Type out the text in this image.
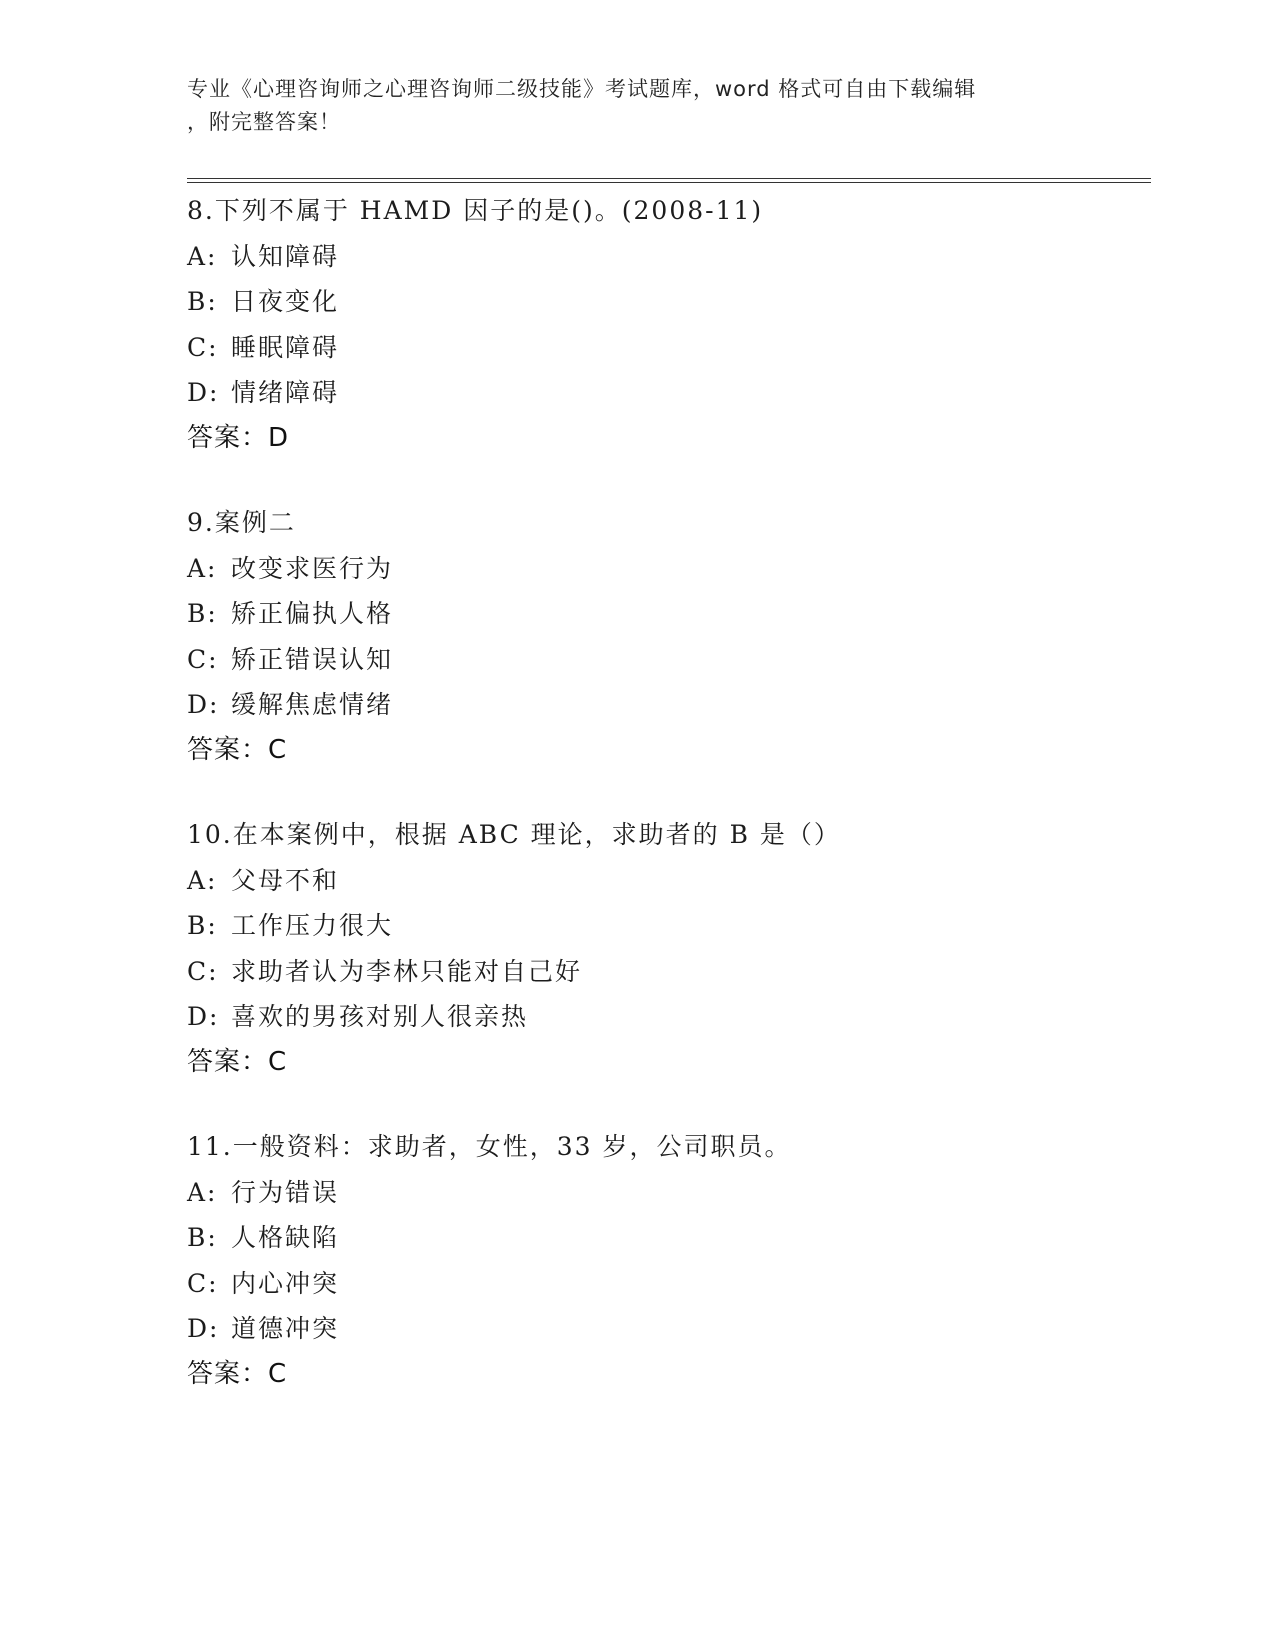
专业《心理咨询师之心理咨询师二级技能》考试题库，word 格式可自由下载编辑
，附完整答案！
8.下列不属于 HAMD 因子的是()。(2008-11)
A: 认知障碍
B: 日夜变化
C: 睡眠障碍
D: 情绪障碍
答案：D
9.案例二
A: 改变求医行为
B: 矫正偏执人格
C: 矫正错误认知
D: 缓解焦虑情绪
答案：C
10.在本案例中，根据 ABC 理论，求助者的 B 是（）
A: 父母不和
B: 工作压力很大
C: 求助者认为李林只能对自己好
D: 喜欢的男孩对别人很亲热
答案：C
11.一般资料：求助者，女性，33 岁，公司职员。
A: 行为错误
B: 人格缺陷
C: 内心冲突
D: 道德冲突
答案：C
